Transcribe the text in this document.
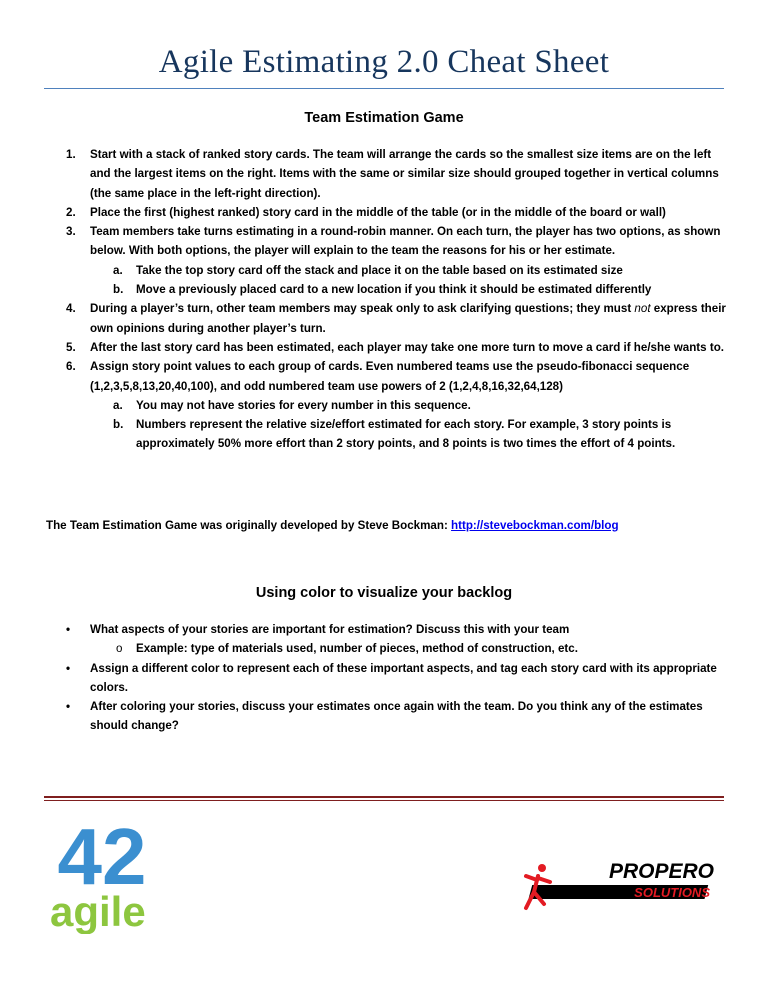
Agile Estimating 2.0 Cheat Sheet
Team Estimation Game
1. Start with a stack of ranked story cards. The team will arrange the cards so the smallest size items are on the left and the largest items on the right. Items with the same or similar size should grouped together in vertical columns (the same place in the left-right direction).
2. Place the first (highest ranked) story card in the middle of the table (or in the middle of the board or wall)
3. Team members take turns estimating in a round-robin manner. On each turn, the player has two options, as shown below. With both options, the player will explain to the team the reasons for his or her estimate.
a. Take the top story card off the stack and place it on the table based on its estimated size
b. Move a previously placed card to a new location if you think it should be estimated differently
4. During a player’s turn, other team members may speak only to ask clarifying questions; they must not express their own opinions during another player’s turn.
5. After the last story card has been estimated, each player may take one more turn to move a card if he/she wants to.
6. Assign story point values to each group of cards. Even numbered teams use the pseudo-fibonacci sequence (1,2,3,5,8,13,20,40,100), and odd numbered team use powers of 2 (1,2,4,8,16,32,64,128)
a. You may not have stories for every number in this sequence.
b. Numbers represent the relative size/effort estimated for each story. For example, 3 story points is approximately 50% more effort than 2 story points, and 8 points is two times the effort of 4 points.
The Team Estimation Game was originally developed by Steve Bockman: http://stevebockman.com/blog
Using color to visualize your backlog
• What aspects of your stories are important for estimation? Discuss this with your team
o Example: type of materials used, number of pieces, method of construction, etc.
• Assign a different color to represent each of these important aspects, and tag each story card with its appropriate colors.
• After coloring your stories, discuss your estimates once again with the team. Do you think any of the estimates should change?
42
agile
PROPERO
SOLUTIONS
